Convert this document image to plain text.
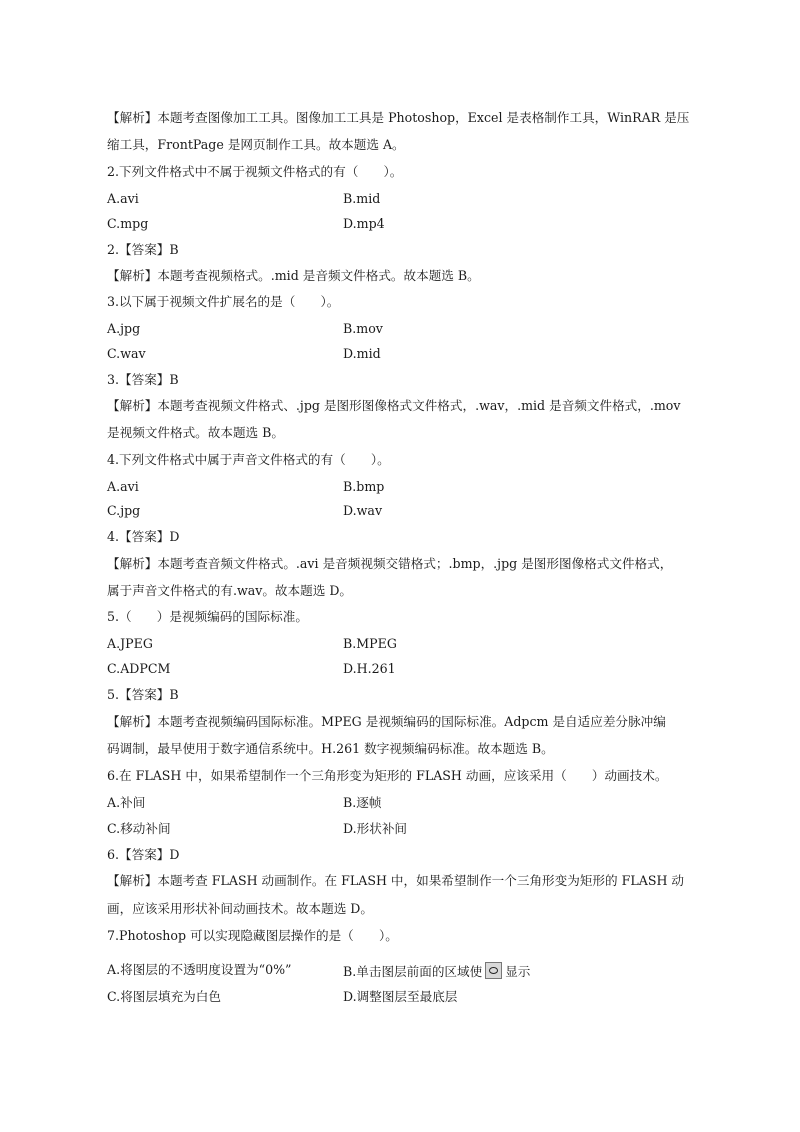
【解析】本题考查图像加工工具。图像加工工具是 Photoshop，Excel 是表格制作工具，WinRAR 是压
缩工具，FrontPage 是网页制作工具。故本题选 A。
2.下列文件格式中不属于视频文件格式的有（　　）。
A.avi	B.mid
C.mpg	D.mp4
2.【答案】B
【解析】本题考查视频格式。.mid 是音频文件格式。故本题选 B。
3.以下属于视频文件扩展名的是（　　）。
A.jpg	B.mov
C.wav	D.mid
3.【答案】B
【解析】本题考查视频文件格式、.jpg 是图形图像格式文件格式，.wav，.mid 是音频文件格式，.mov
是视频文件格式。故本题选 B。
4.下列文件格式中属于声音文件格式的有（　　）。
A.avi	B.bmp
C.jpg	D.wav
4.【答案】D
【解析】本题考查音频文件格式。.avi 是音频视频交错格式；.bmp，.jpg 是图形图像格式文件格式，
属于声音文件格式的有.wav。故本题选 D。
5.（　　）是视频编码的国际标准。
A.JPEG	B.MPEG
C.ADPCM	D.H.261
5.【答案】B
【解析】本题考查视频编码国际标准。MPEG 是视频编码的国际标准。Adpcm 是自适应差分脉冲编
码调制，最早使用于数字通信系统中。H.261 数字视频编码标准。故本题选 B。
6.在 FLASH 中，如果希望制作一个三角形变为矩形的 FLASH 动画，应该采用（　　）动画技术。
A.补间	B.逐帧
C.移动补间	D.形状补间
6.【答案】D
【解析】本题考查 FLASH 动画制作。在 FLASH 中，如果希望制作一个三角形变为矩形的 FLASH 动
画，应该采用形状补间动画技术。故本题选 D。
7.Photoshop 可以实现隐藏图层操作的是（　　）。
A.将图层的不透明度设置为“0%”	B.单击图层前面的区域使 显示
C.将图层填充为白色	D.调整图层至最底层
